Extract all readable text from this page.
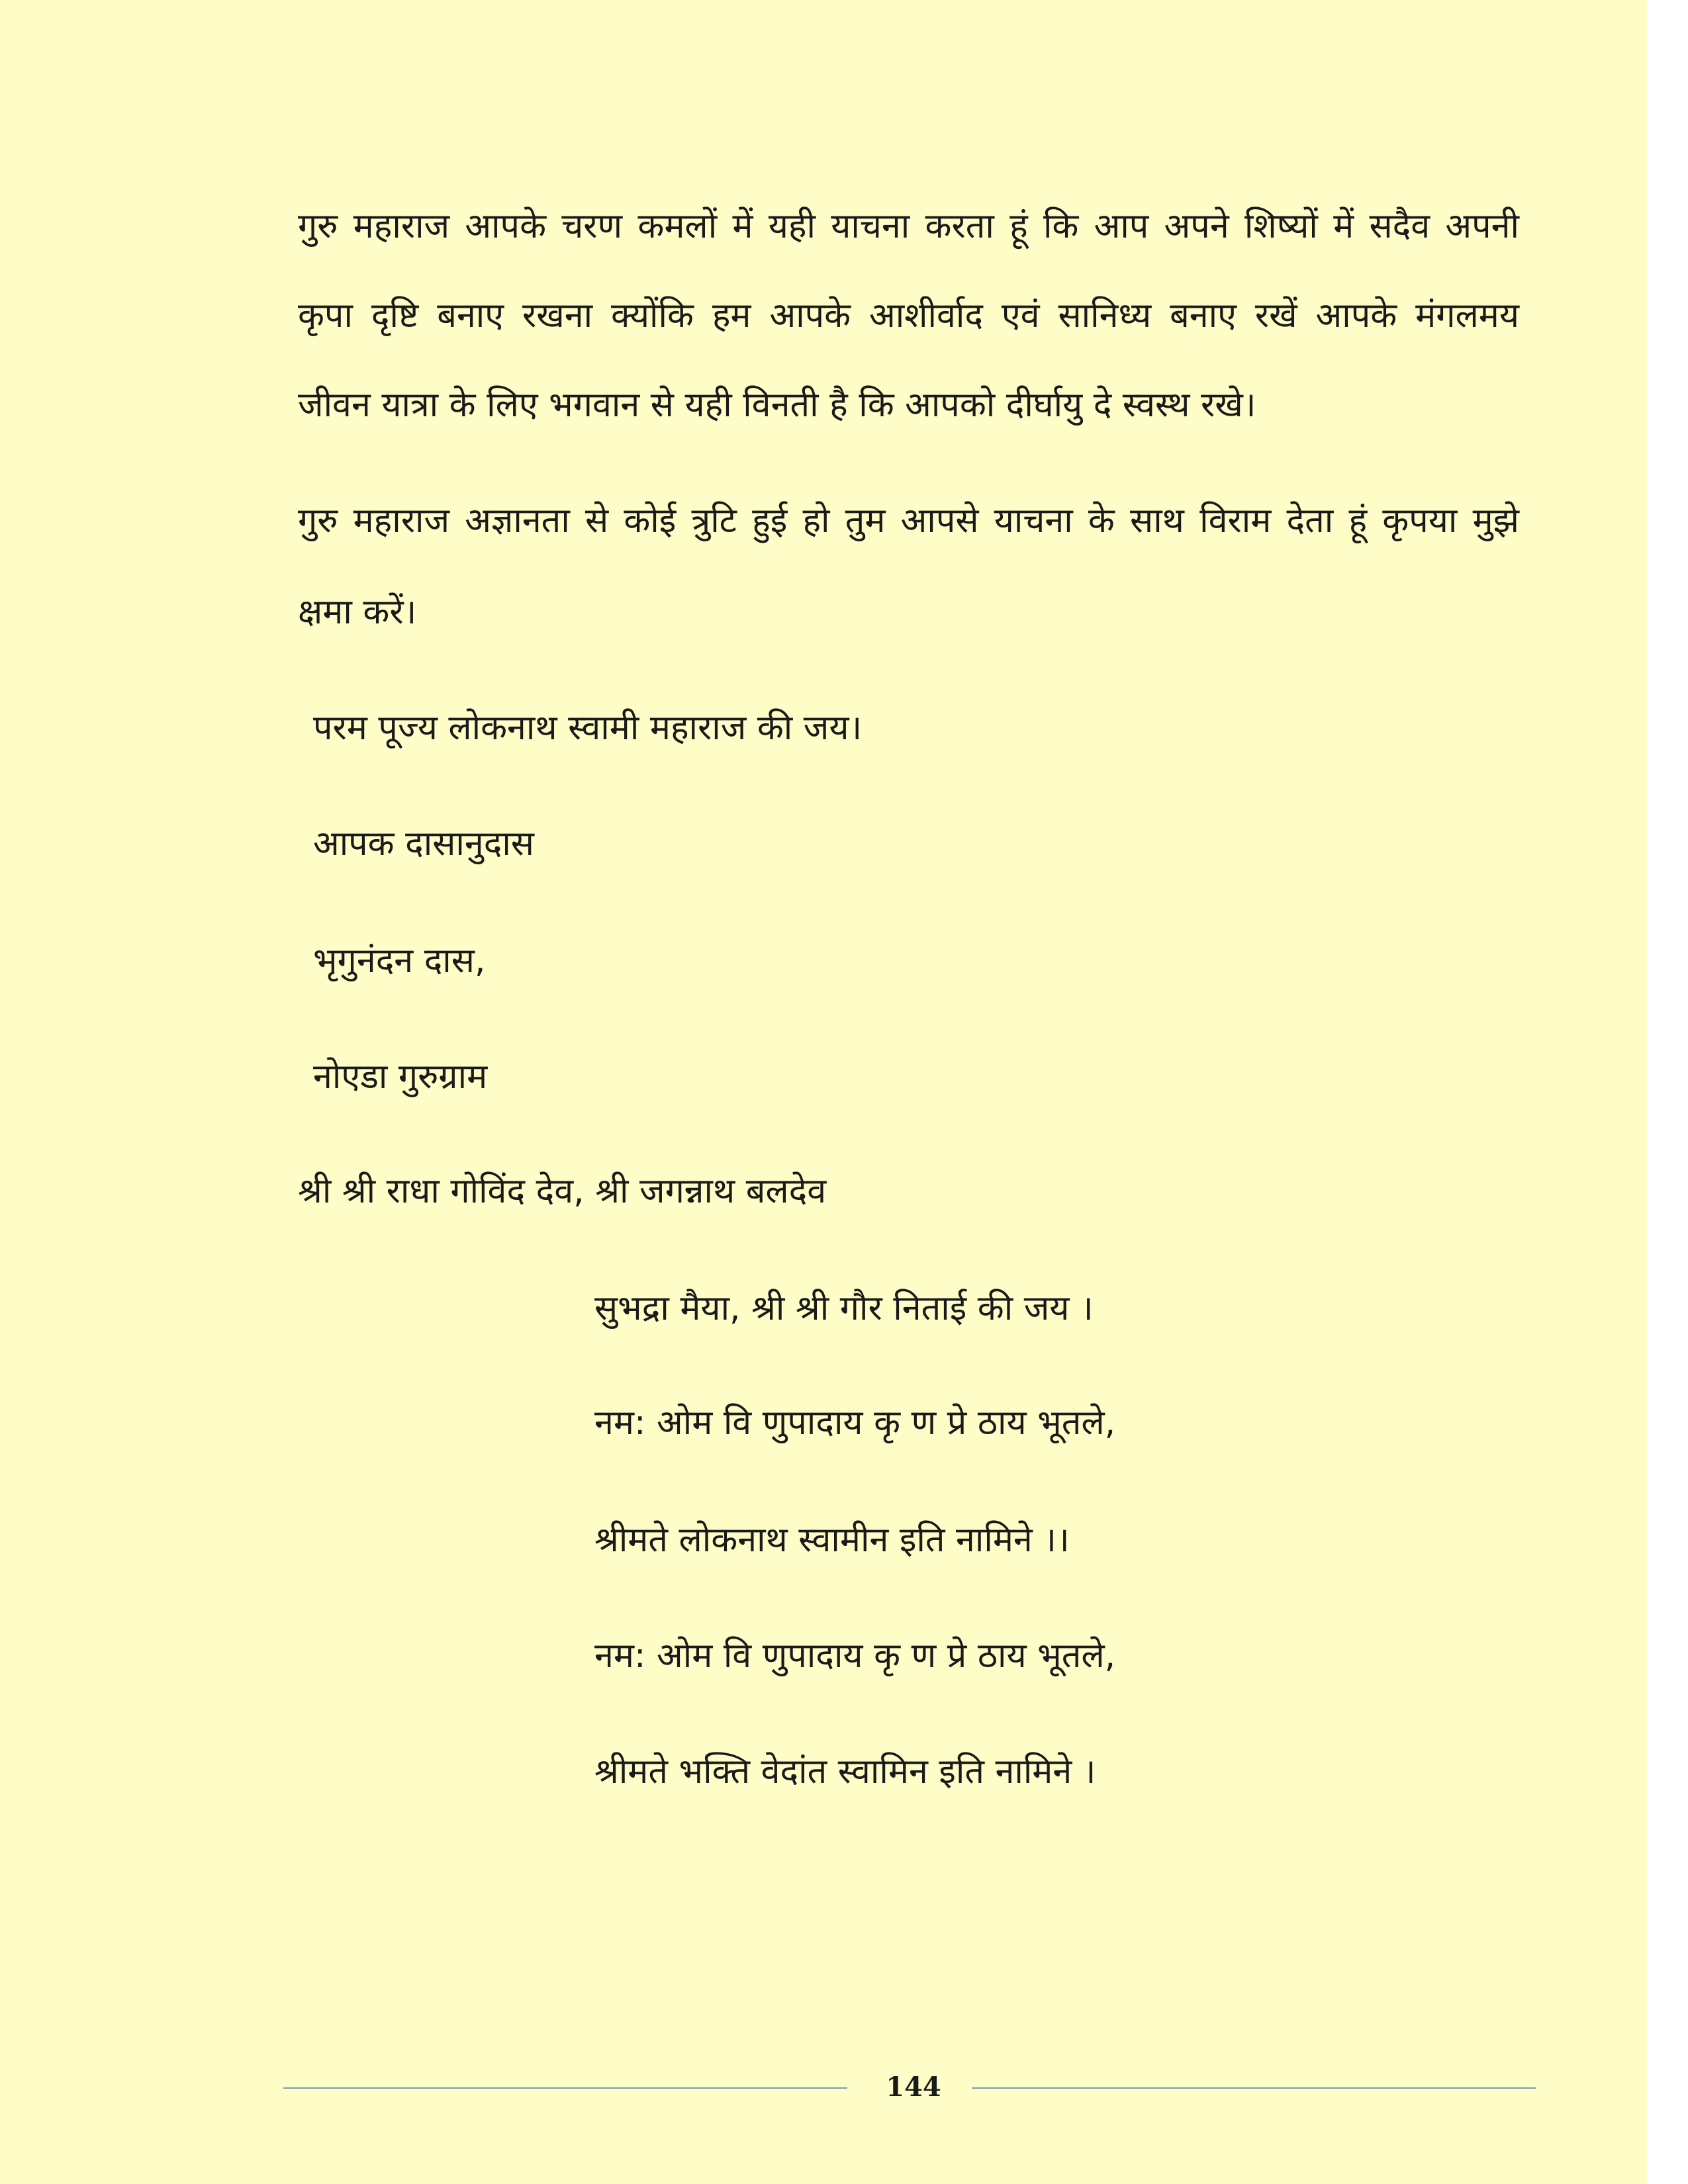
गुरु महाराज आपके चरण कमलों में यही याचना करता हूं कि आप अपने शिष्यों में सदैव अपनी
कृपा दृष्टि बनाए रखना क्योंकि हम आपके आशीर्वाद एवं सानिध्य बनाए रखें आपके मंगलमय
जीवन यात्रा के लिए भगवान से यही विनती है कि आपको दीर्घायु दे स्वस्थ रखे।
गुरु महाराज अज्ञानता से कोई त्रुटि हुई हो तुम आपसे याचना के साथ विराम देता हूं कृपया मुझे
क्षमा करें।
परम पूज्य लोकनाथ स्वामी महाराज की जय।
आपक दासानुदास
भृगुनंदन दास,
नोएडा गुरुग्राम
श्री श्री राधा गोविंद देव, श्री जगन्नाथ बलदेव
सुभद्रा मैया, श्री श्री गौर निताई की जय ।
नम: ओम वि णुपादाय कृ ण प्रे ठाय भूतले,
श्रीमते लोकनाथ स्वामीन इति नामिने ।।
नम: ओम वि णुपादाय कृ ण प्रे ठाय भूतले,
श्रीमते भक्ति वेदांत स्वामिन इति नामिने ।
144
